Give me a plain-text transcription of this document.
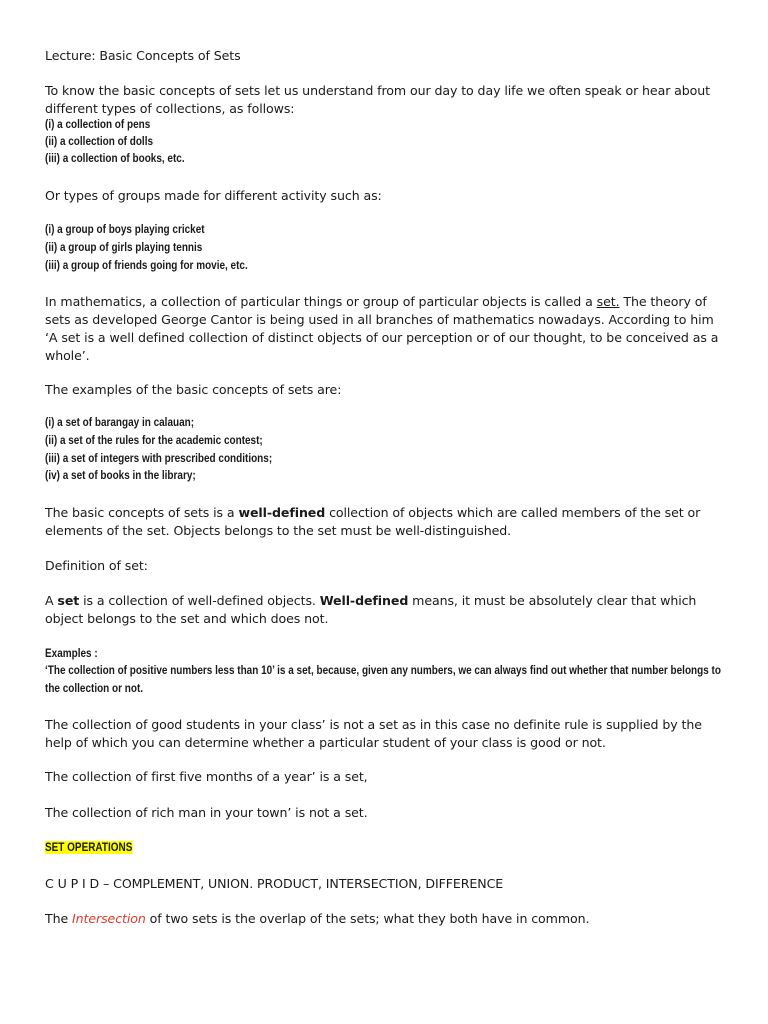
Lecture: Basic Concepts of Sets

To know the basic concepts of sets let us understand from our day to day life we often speak or hear about different types of collections, as follows:

(i) a collection of pens

(ii) a collection of dolls

(iii) a collection of books, etc.

Or types of groups made for different activity such as:

(i) a group of boys playing cricket

(ii) a group of girls playing tennis

(iii) a group of friends going for movie, etc.

In mathematics, a collection of particular things or group of particular objects is called a set. The theory of sets as developed George Cantor is being used in all branches of mathematics nowadays. According to him ‘A set is a well defined collection of distinct objects of our perception or of our thought, to be conceived as a whole’.

The examples of the basic concepts of sets are:

(i) a set of barangay in calauan;

(ii) a set of the rules for the academic contest;

(iii) a set of integers with prescribed conditions;

(iv) a set of books in the library;

The basic concepts of sets is a well-defined collection of objects which are called members of the set or elements of the set. Objects belongs to the set must be well-distinguished.

Definition of set:

A set is a collection of well-defined objects. Well-defined means, it must be absolutely clear that which object belongs to the set and which does not.

Examples :

‘The collection of positive numbers less than 10’ is a set, because, given any numbers, we can always find out whether that number belongs to the collection or not.

The collection of good students in your class’ is not a set as in this case no definite rule is supplied by the help of which you can determine whether a particular student of your class is good or not.

The collection of first five months of a year’ is a set,

The collection of rich man in your town’ is not a set.

SET OPERATIONS

C U P I D – COMPLEMENT, UNION. PRODUCT, INTERSECTION, DIFFERENCE

The Intersection of two sets is the overlap of the sets; what they both have in common.
